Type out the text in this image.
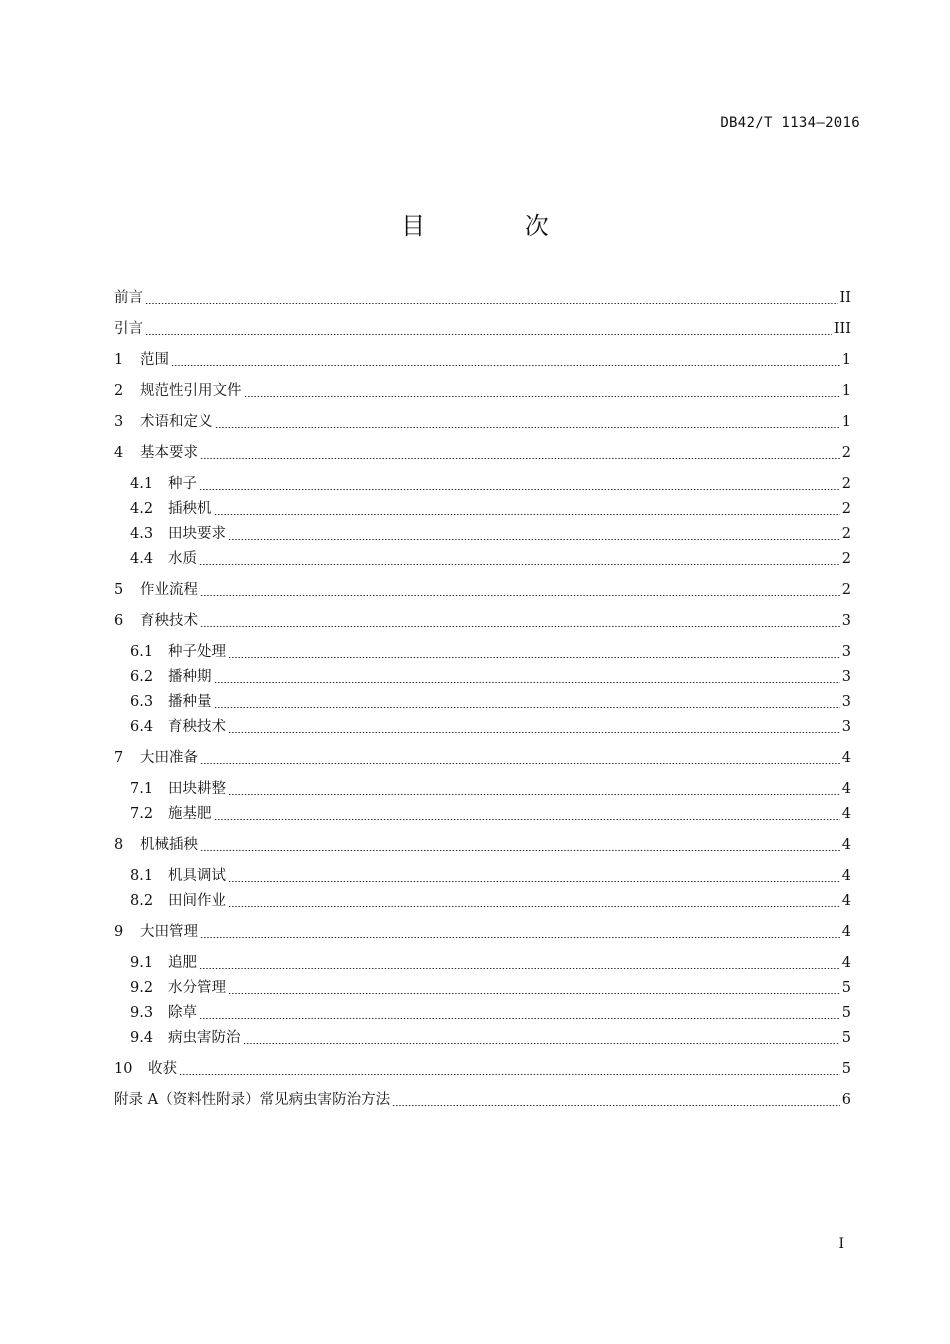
DB42/T 1134—2016
目 次
前言	II
引言	III
1	范围	1
2	规范性引用文件	1
3	术语和定义	1
4	基本要求	2
4.1	种子	2
4.2	插秧机	2
4.3	田块要求	2
4.4	水质	2
5	作业流程	2
6	育秧技术	3
6.1	种子处理	3
6.2	播种期	3
6.3	播种量	3
6.4	育秧技术	3
7	大田准备	4
7.1	田块耕整	4
7.2	施基肥	4
8	机械插秧	4
8.1	机具调试	4
8.2	田间作业	4
9	大田管理	4
9.1	追肥	4
9.2	水分管理	5
9.3	除草	5
9.4	病虫害防治	5
10	收获	5
附录 A（资料性附录）常见病虫害防治方法	6
I
